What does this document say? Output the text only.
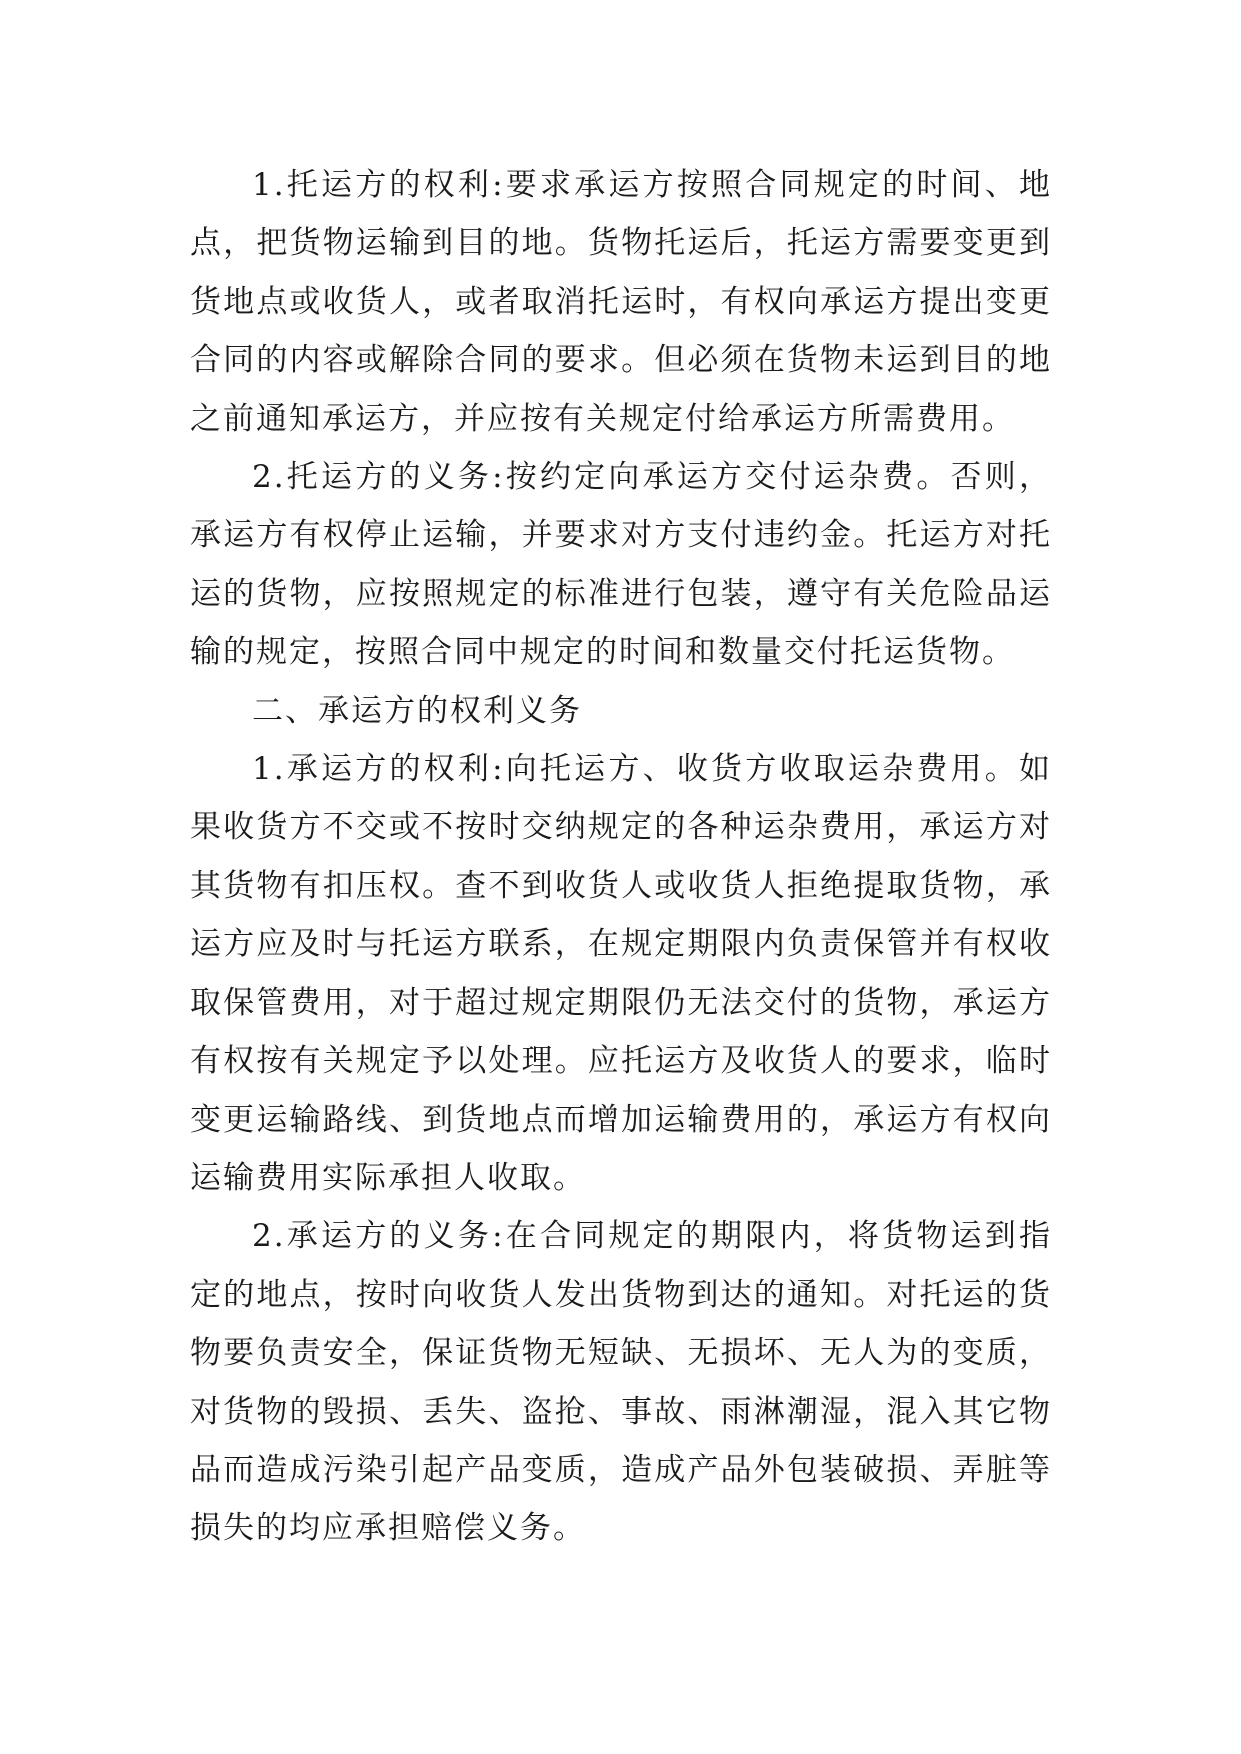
1.托运方的权利:要求承运方按照合同规定的时间、地点，把货物运输到目的地。货物托运后，托运方需要变更到货地点或收货人，或者取消托运时，有权向承运方提出变更合同的内容或解除合同的要求。但必须在货物未运到目的地之前通知承运方，并应按有关规定付给承运方所需费用。

2.托运方的义务:按约定向承运方交付运杂费。否则，承运方有权停止运输，并要求对方支付违约金。托运方对托运的货物，应按照规定的标准进行包装，遵守有关危险品运输的规定，按照合同中规定的时间和数量交付托运货物。

二、承运方的权利义务

1.承运方的权利:向托运方、收货方收取运杂费用。如果收货方不交或不按时交纳规定的各种运杂费用，承运方对其货物有扣压权。查不到收货人或收货人拒绝提取货物，承运方应及时与托运方联系，在规定期限内负责保管并有权收取保管费用，对于超过规定期限仍无法交付的货物，承运方有权按有关规定予以处理。应托运方及收货人的要求，临时变更运输路线、到货地点而增加运输费用的，承运方有权向运输费用实际承担人收取。

2.承运方的义务:在合同规定的期限内，将货物运到指定的地点，按时向收货人发出货物到达的通知。对托运的货物要负责安全，保证货物无短缺、无损坏、无人为的变质，对货物的毁损、丢失、盗抢、事故、雨淋潮湿，混入其它物品而造成污染引起产品变质，造成产品外包装破损、弄脏等损失的均应承担赔偿义务。
